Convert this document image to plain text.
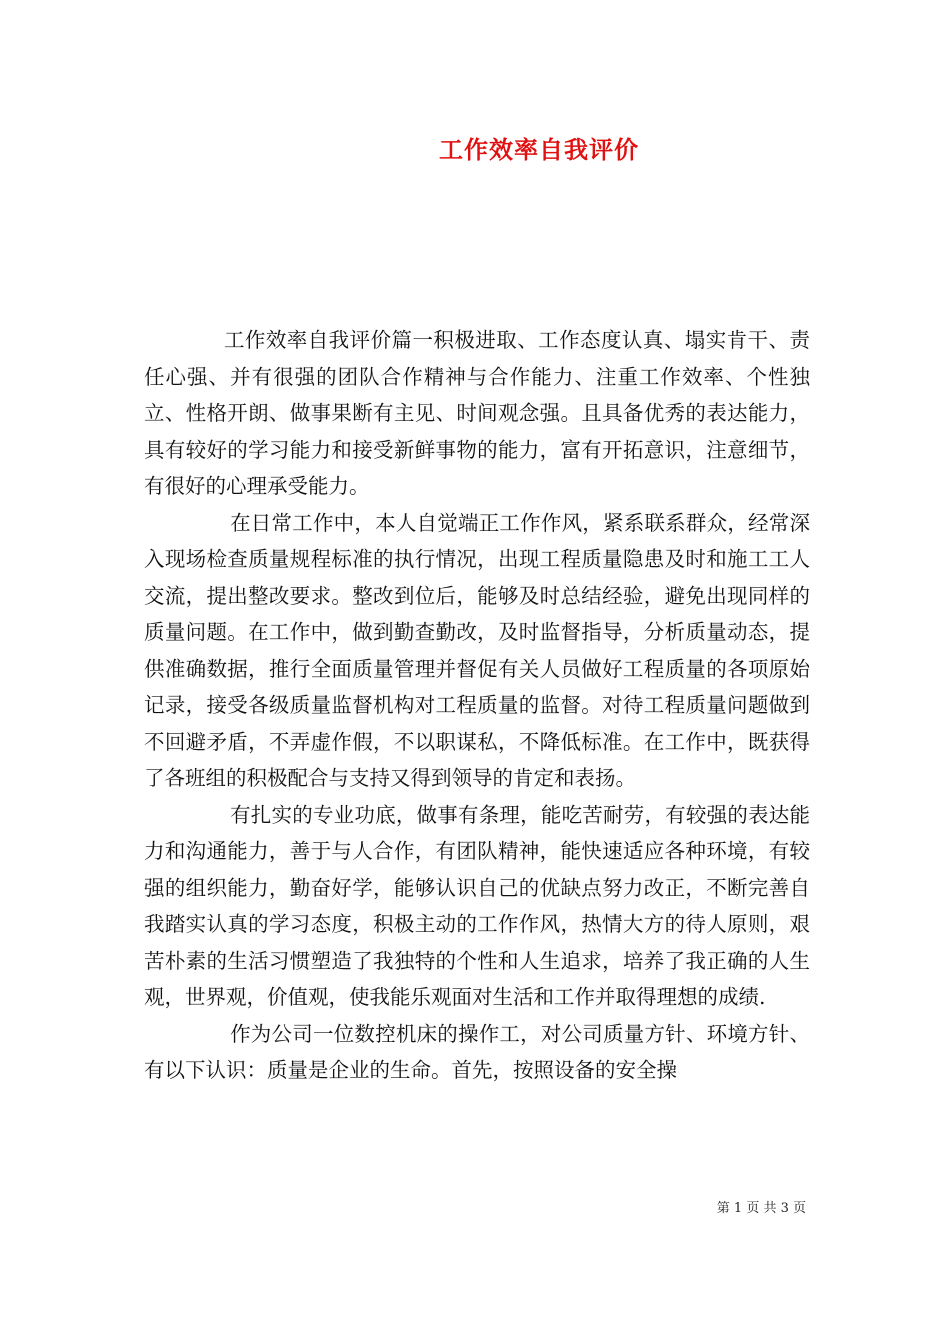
工作效率自我评价

工作效率自我评价篇一积极进取、工作态度认真、塌实肯干、责任心强、并有很强的团队合作精神与合作能力、注重工作效率、个性独立、性格开朗、做事果断有主见、时间观念强。且具备优秀的表达能力，具有较好的学习能力和接受新鲜事物的能力，富有开拓意识，注意细节，有很好的心理承受能力。

在日常工作中，本人自觉端正工作作风，紧系联系群众，经常深入现场检查质量规程标准的执行情况，出现工程质量隐患及时和施工工人交流，提出整改要求。整改到位后，能够及时总结经验，避免出现同样的质量问题。在工作中，做到勤查勤改，及时监督指导，分析质量动态，提供准确数据，推行全面质量管理并督促有关人员做好工程质量的各项原始记录，接受各级质量监督机构对工程质量的监督。对待工程质量问题做到不回避矛盾，不弄虚作假，不以职谋私，不降低标准。在工作中，既获得了各班组的积极配合与支持又得到领导的肯定和表扬。

有扎实的专业功底，做事有条理，能吃苦耐劳，有较强的表达能力和沟通能力，善于与人合作，有团队精神，能快速适应各种环境，有较强的组织能力，勤奋好学，能够认识自己的优缺点努力改正，不断完善自我踏实认真的学习态度，积极主动的工作作风，热情大方的待人原则，艰苦朴素的生活习惯塑造了我独特的个性和人生追求，培养了我正确的人生观，世界观，价值观，使我能乐观面对生活和工作并取得理想的成绩.

作为公司一位数控机床的操作工，对公司质量方针、环境方针、有以下认识：质量是企业的生命。首先，按照设备的安全操

第 1 页 共 3 页
